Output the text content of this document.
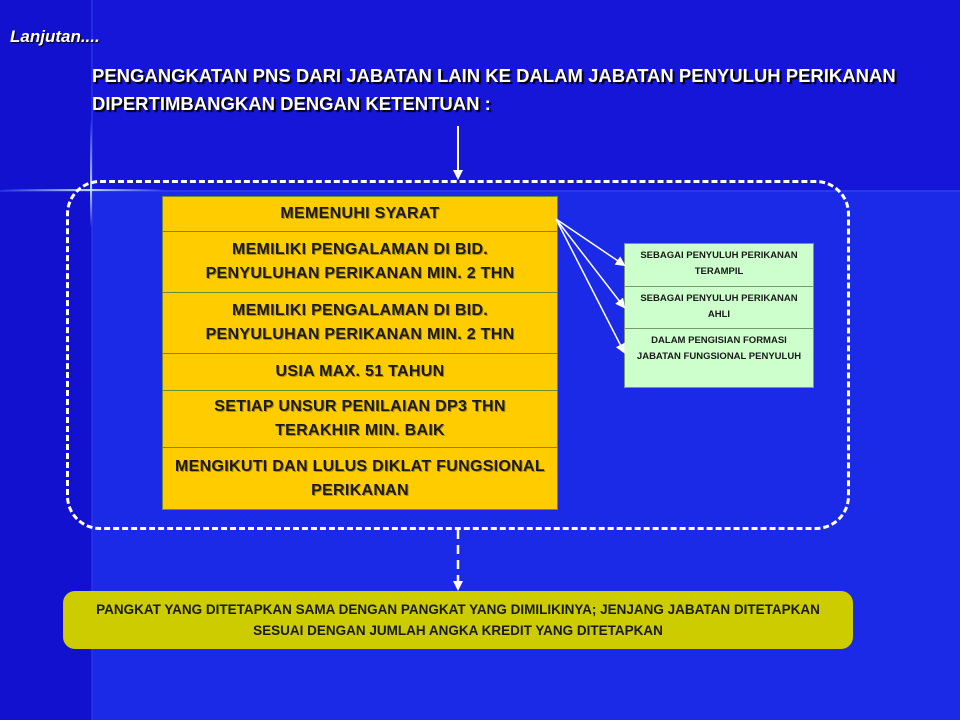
Lanjutan....
PENGANGKATAN PNS DARI JABATAN LAIN KE DALAM JABATAN PENYULUH PERIKANAN DIPERTIMBANGKAN DENGAN KETENTUAN :
MEMENUHI SYARAT
MEMILIKI PENGALAMAN DI BID. PENYULUHAN PERIKANAN MIN. 2 THN
MEMILIKI PENGALAMAN DI BID. PENYULUHAN PERIKANAN MIN. 2 THN
USIA MAX. 51 TAHUN
SETIAP UNSUR PENILAIAN DP3 THN TERAKHIR MIN. BAIK
MENGIKUTI DAN LULUS DIKLAT FUNGSIONAL PERIKANAN
SEBAGAI PENYULUH PERIKANAN TERAMPIL
SEBAGAI PENYULUH PERIKANAN AHLI
DALAM PENGISIAN FORMASI JABATAN FUNGSIONAL PENYULUH
PANGKAT YANG DITETAPKAN SAMA DENGAN PANGKAT YANG DIMILIKINYA; JENJANG JABATAN DITETAPKAN SESUAI DENGAN JUMLAH ANGKA KREDIT YANG DITETAPKAN
